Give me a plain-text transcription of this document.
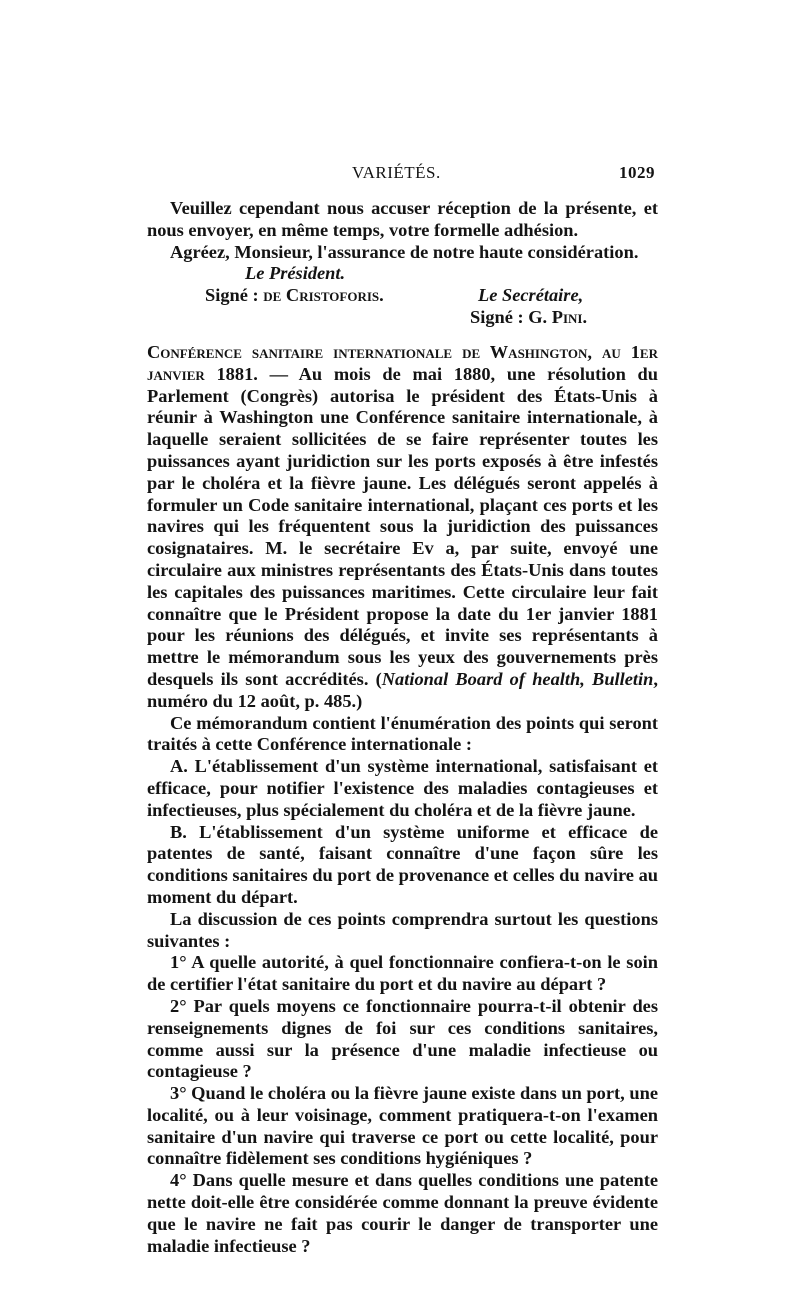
VARIÉTÉS.	1029

Veuillez cependant nous accuser réception de la présente, et nous envoyer, en même temps, votre formelle adhésion.

Agréez, Monsieur, l'assurance de notre haute considération.

Le Président.
Signé : de Cristoforis.	Le Secrétaire,
Signé : G. Pini.

Conférence sanitaire internationale de Washington, au 1er janvier 1881. — Au mois de mai 1880, une résolution du Parlement (Congrès) autorisa le président des États-Unis à réunir à Washington une Conférence sanitaire internationale, à laquelle seraient sollicitées de se faire représenter toutes les puissances ayant juridiction sur les ports exposés à être infestés par le choléra et la fièvre jaune. Les délégués seront appelés à formuler un Code sanitaire international, plaçant ces ports et les navires qui les fréquentent sous la juridiction des puissances cosignataires. M. le secrétaire Ev a, par suite, envoyé une circulaire aux ministres représentants des États-Unis dans toutes les capitales des puissances maritimes. Cette circulaire leur fait connaître que le Président propose la date du 1er janvier 1881 pour les réunions des délégués, et invite ses représentants à mettre le mémorandum sous les yeux des gouvernements près desquels ils sont accrédités. (National Board of health, Bulletin, numéro du 12 août, p. 485.)

Ce mémorandum contient l'énumération des points qui seront traités à cette Conférence internationale :

A. L'établissement d'un système international, satisfaisant et efficace, pour notifier l'existence des maladies contagieuses et infectieuses, plus spécialement du choléra et de la fièvre jaune.

B. L'établissement d'un système uniforme et efficace de patentes de santé, faisant connaître d'une façon sûre les conditions sanitaires du port de provenance et celles du navire au moment du départ.

La discussion de ces points comprendra surtout les questions suivantes :

1° A quelle autorité, à quel fonctionnaire confiera-t-on le soin de certifier l'état sanitaire du port et du navire au départ ?

2° Par quels moyens ce fonctionnaire pourra-t-il obtenir des renseignements dignes de foi sur ces conditions sanitaires, comme aussi sur la présence d'une maladie infectieuse ou contagieuse ?

3° Quand le choléra ou la fièvre jaune existe dans un port, une localité, ou à leur voisinage, comment pratiquera-t-on l'examen sanitaire d'un navire qui traverse ce port ou cette localité, pour connaître fidèlement ses conditions hygiéniques ?

4° Dans quelle mesure et dans quelles conditions une patente nette doit-elle être considérée comme donnant la preuve évidente que le navire ne fait pas courir le danger de transporter une maladie infectieuse ?
